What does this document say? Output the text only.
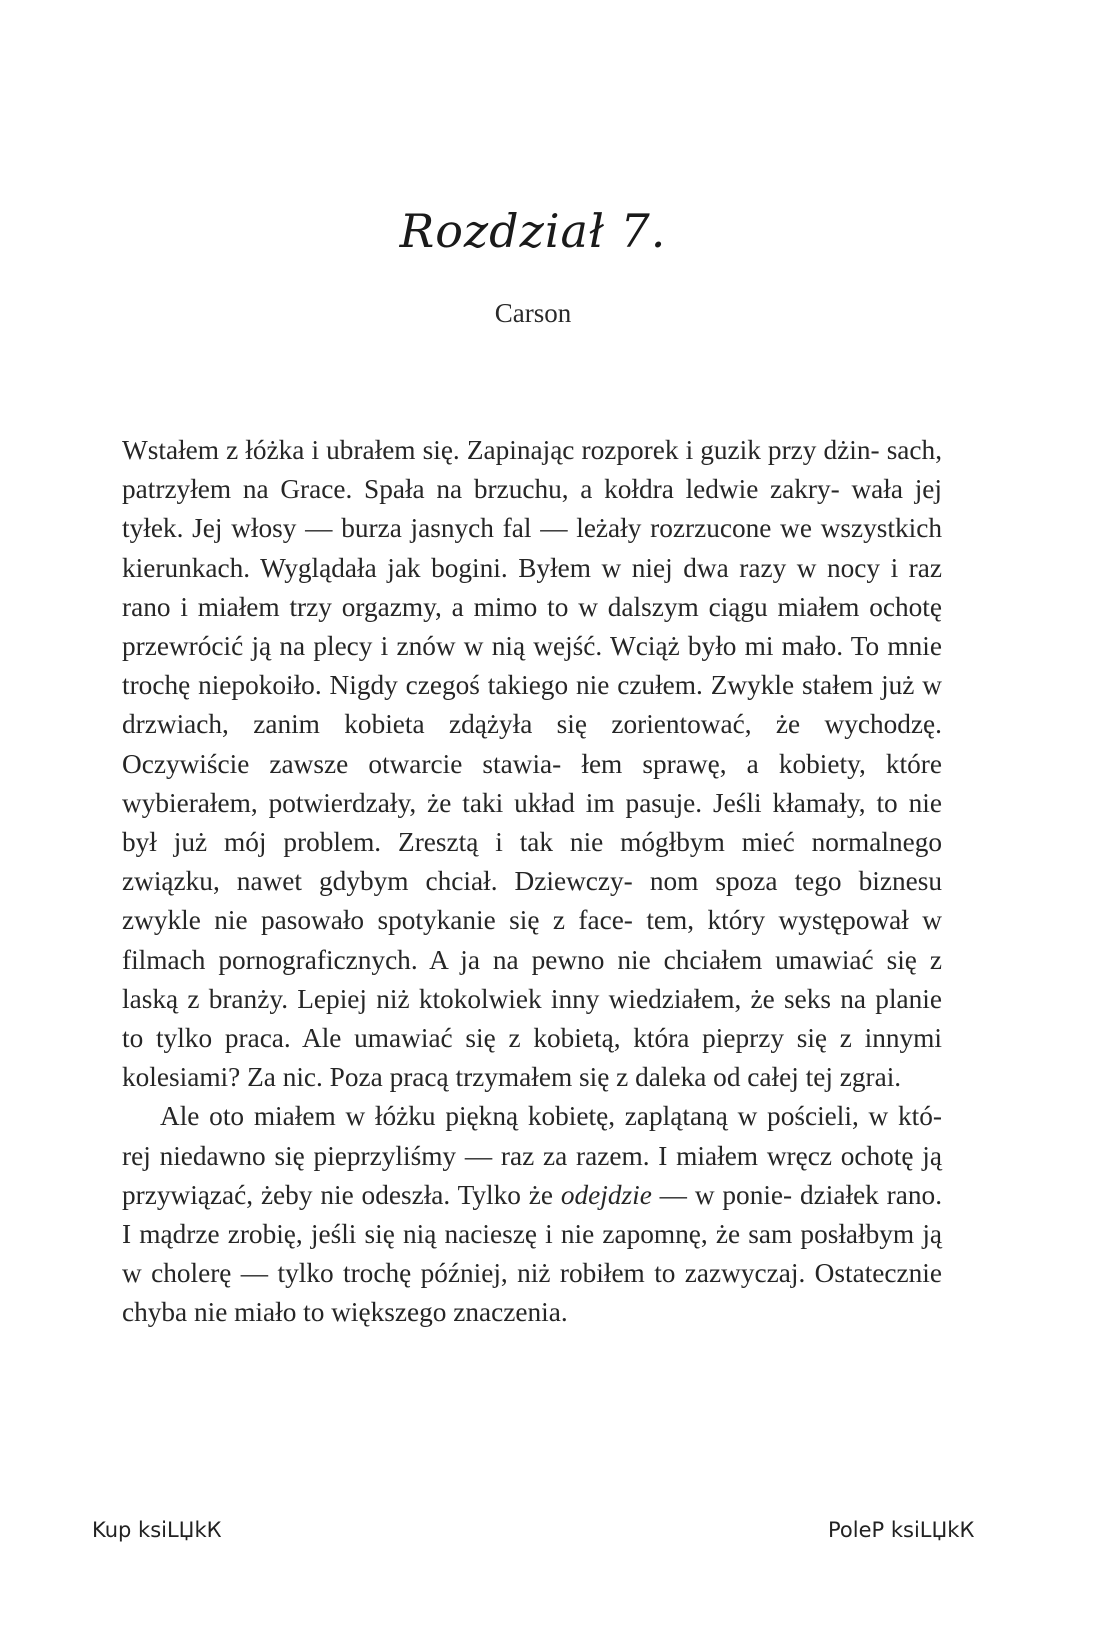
Rozdział 7.
Carson

Wstałem z łóżka i ubrałem się. Zapinając rozporek i guzik przy dżin- sach, patrzyłem na Grace. Spała na brzuchu, a kołdra ledwie zakry- wała jej tyłek. Jej włosy — burza jasnych fal — leżały rozrzucone we wszystkich kierunkach. Wyglądała jak bogini. Byłem w niej dwa razy w nocy i raz rano i miałem trzy orgazmy, a mimo to w dalszym ciągu miałem ochotę przewrócić ją na plecy i znów w nią wejść. Wciąż było mi mało. To mnie trochę niepokoiło. Nigdy czegoś takiego nie czułem. Zwykle stałem już w drzwiach, zanim kobieta zdążyła się zorientować, że wychodzę. Oczywiście zawsze otwarcie stawia- łem sprawę, a kobiety, które wybierałem, potwierdzały, że taki układ im pasuje. Jeśli kłamały, to nie był już mój problem. Zresztą i tak nie mógłbym mieć normalnego związku, nawet gdybym chciał. Dziewczy- nom spoza tego biznesu zwykle nie pasowało spotykanie się z face- tem, który występował w filmach pornograficznych. A ja na pewno nie chciałem umawiać się z laską z branży. Lepiej niż ktokolwiek inny wiedziałem, że seks na planie to tylko praca. Ale umawiać się z kobietą, która pieprzy się z innymi kolesiami? Za nic. Poza pracą trzymałem się z daleka od całej tej zgrai.

Ale oto miałem w łóżku piękną kobietę, zaplątaną w pościeli, w któ- rej niedawno się pieprzyliśmy — raz za razem. I miałem wręcz ochotę ją przywiązać, żeby nie odeszła. Tylko że odejdzie — w ponie- działek rano. I mądrze zrobię, jeśli się nią nacieszę i nie zapomnę, że sam posłałbym ją w cholerę — tylko trochę później, niż robiłem to zazwyczaj. Ostatecznie chyba nie miało to większego znaczenia.

Kup ksiLЏkК	PoleР ksiLЏkК
